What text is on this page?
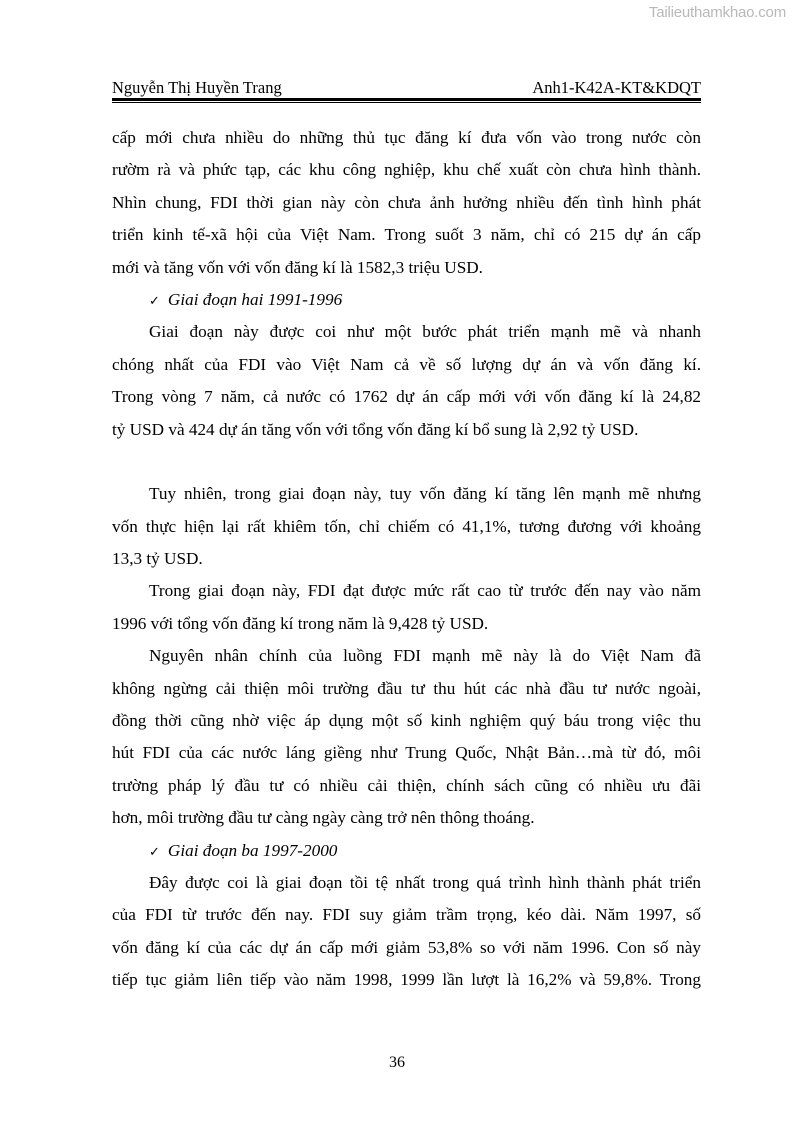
Tailieuthamkhao.com
Nguyễn Thị Huyền Trang	Anh1-K42A-KT&KDQT
cấp mới chưa nhiều do những thủ tục đăng kí đưa vốn vào trong nước còn
rườm rà và phức tạp, các khu công nghiệp, khu chế xuất còn chưa hình thành.
Nhìn chung, FDI thời gian này còn chưa ảnh hưởng nhiều đến tình hình phát
triển kinh tế-xã hội của Việt Nam. Trong suốt 3 năm, chỉ có 215 dự án cấp
mới và tăng vốn với vốn đăng kí là 1582,3 triệu USD.
✓ Giai đoạn hai 1991-1996
Giai đoạn này được coi như một bước phát triển mạnh mẽ và nhanh
chóng nhất của FDI vào Việt Nam cả về số lượng dự án và vốn đăng kí.
Trong vòng 7 năm, cả nước có 1762 dự án cấp mới với vốn đăng kí là 24,82
tỷ USD và 424 dự án tăng vốn với tổng vốn đăng kí bổ sung là 2,92 tỷ USD.
Tuy nhiên, trong giai đoạn này, tuy vốn đăng kí tăng lên mạnh mẽ nhưng
vốn thực hiện lại rất khiêm tốn, chỉ chiếm có 41,1%, tương đương với khoảng
13,3 tỷ USD.
Trong giai đoạn này, FDI đạt được mức rất cao từ trước đến nay vào năm
1996 với tổng vốn đăng kí trong năm là 9,428 tỷ USD.
Nguyên nhân chính của luồng FDI mạnh mẽ này là do Việt Nam đã
không ngừng cải thiện môi trường đầu tư thu hút các nhà đầu tư nước ngoài,
đồng thời cũng nhờ việc áp dụng một số kinh nghiệm quý báu trong việc thu
hút FDI của các nước láng giềng như Trung Quốc, Nhật Bản…mà từ đó, môi
trường pháp lý đầu tư có nhiều cải thiện, chính sách cũng có nhiều ưu đãi
hơn, môi trường đầu tư càng ngày càng trở nên thông thoáng.
✓ Giai đoạn ba 1997-2000
Đây được coi là giai đoạn tồi tệ nhất trong quá trình hình thành phát triển
của FDI từ trước đến nay. FDI suy giảm trầm trọng, kéo dài. Năm 1997, số
vốn đăng kí của các dự án cấp mới giảm 53,8% so với năm 1996. Con số này
tiếp tục giảm liên tiếp vào năm 1998, 1999 lần lượt là 16,2% và 59,8%. Trong
36
